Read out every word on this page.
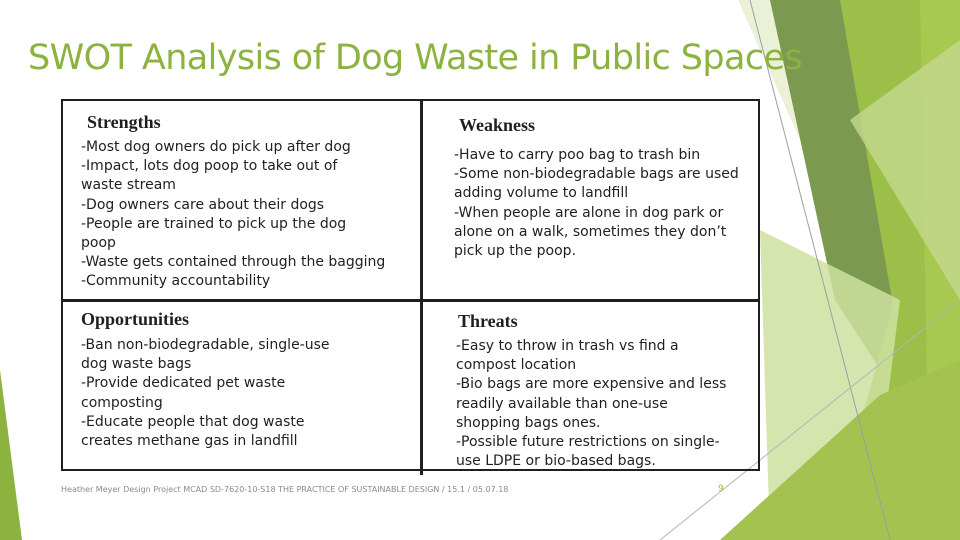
SWOT Analysis of Dog Waste in Public Spaces
Strengths
-Most dog owners do pick up after dog
-Impact, lots dog poop to take out of
waste stream
-Dog owners care about their dogs
-People are trained to pick up the dog
poop
-Waste gets contained through the bagging
-Community accountability
Weakness
-Have to carry poo bag to trash bin
-Some non-biodegradable bags are used
adding volume to landfill
-When people are alone in dog park or
alone on a walk, sometimes they don’t
pick up the poop.
Opportunities
-Ban non-biodegradable, single-use
dog waste bags
-Provide dedicated pet waste
composting
-Educate people that dog waste
creates methane gas in landfill
Threats
-Easy to throw in trash vs find a
compost location
-Bio bags are more expensive and less
readily available than one-use
shopping bags ones.
-Possible future restrictions on single-
use LDPE or bio-based bags.
Heather Meyer Design Project MCAD SD-7620-10-S18 THE PRACTICE OF SUSTAINABLE DESIGN / 15.1 / 05.07.18	9
